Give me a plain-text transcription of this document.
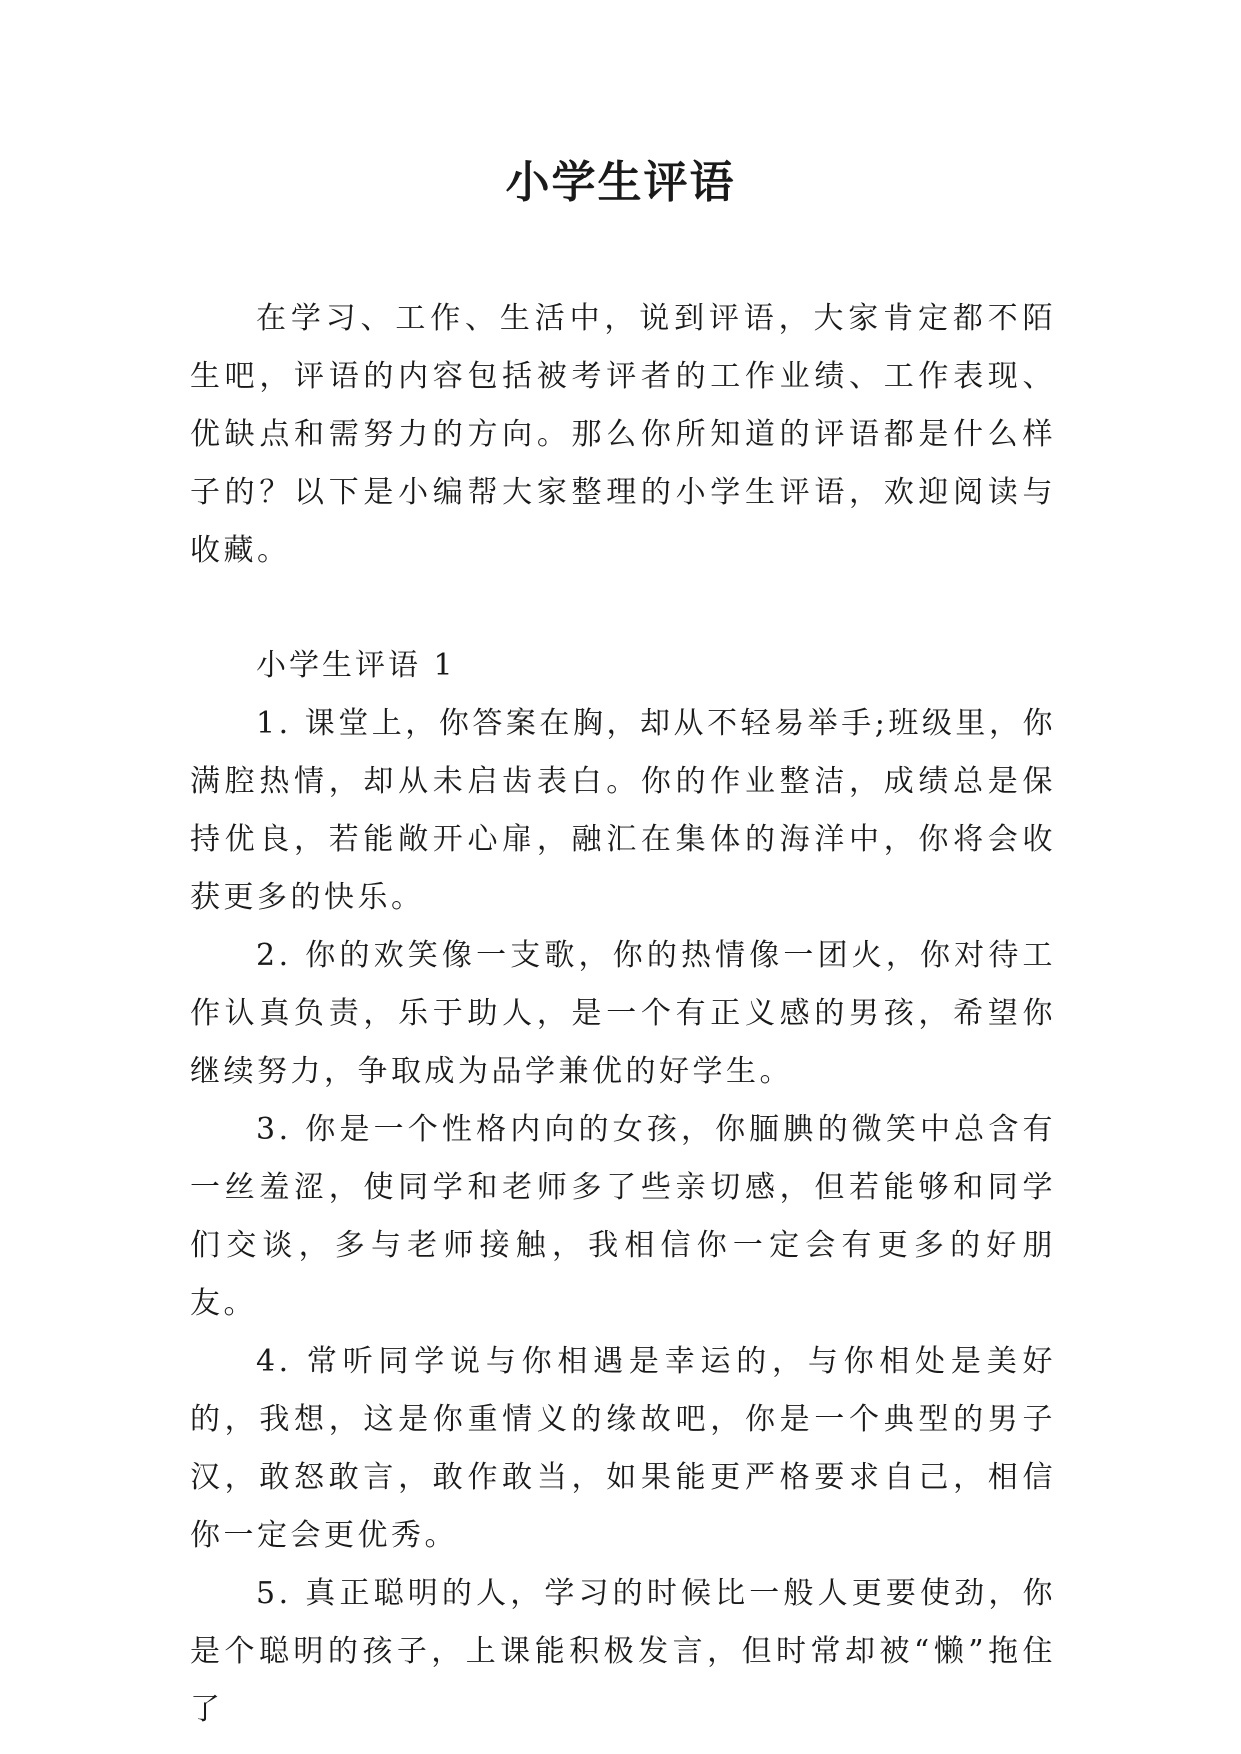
小学生评语

在学习、工作、生活中，说到评语，大家肯定都不陌生吧，评语的内容包括被考评者的工作业绩、工作表现、优缺点和需努力的方向。那么你所知道的评语都是什么样子的？以下是小编帮大家整理的小学生评语，欢迎阅读与收藏。

小学生评语 1

1. 课堂上，你答案在胸，却从不轻易举手;班级里，你满腔热情，却从未启齿表白。你的作业整洁，成绩总是保持优良，若能敞开心扉，融汇在集体的海洋中，你将会收获更多的快乐。

2. 你的欢笑像一支歌，你的热情像一团火，你对待工作认真负责，乐于助人，是一个有正义感的男孩，希望你继续努力，争取成为品学兼优的好学生。

3. 你是一个性格内向的女孩，你腼腆的微笑中总含有一丝羞涩，使同学和老师多了些亲切感，但若能够和同学们交谈，多与老师接触，我相信你一定会有更多的好朋友。

4. 常听同学说与你相遇是幸运的，与你相处是美好的，我想，这是你重情义的缘故吧，你是一个典型的男子汉，敢怒敢言，敢作敢当，如果能更严格要求自己，相信你一定会更优秀。

5. 真正聪明的人，学习的时候比一般人更要使劲，你是个聪明的孩子，上课能积极发言，但时常却被“懒”拖住了
